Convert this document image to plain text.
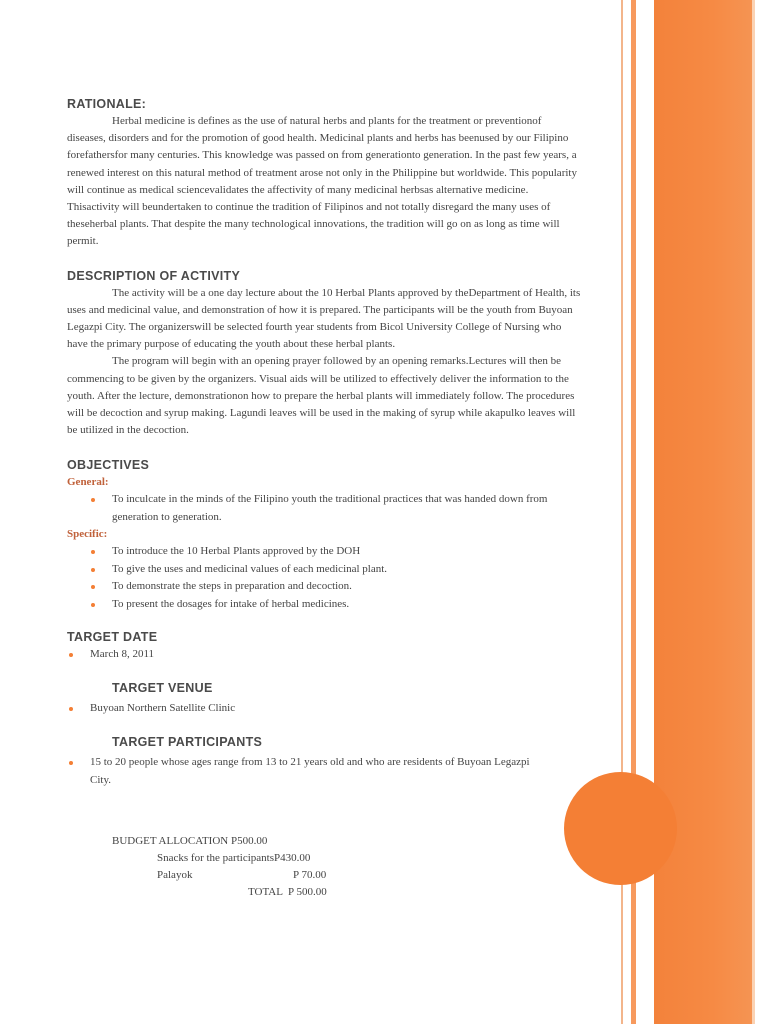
RATIONALE:

Herbal medicine is defines as the use of natural herbs and plants for the treatment or preventionof diseases, disorders and for the promotion of good health. Medicinal plants and herbs has beenused by our Filipino forefathersfor many centuries. This knowledge was passed on from generationto generation. In the past few years, a renewed interest on this natural method of treatment arose not only in the Philippine but worldwide. This popularity will continue as medical sciencevalidates the affectivity of many medicinal herbsas alternative medicine. Thisactivity will beundertaken to continue the tradition of Filipinos and not totally disregard the many uses of theseherbal plants. That despite the many technological innovations, the tradition will go on as long as time will permit.

DESCRIPTION OF ACTIVITY

The activity will be a one day lecture about the 10 Herbal Plants approved by theDepartment of Health, its uses and medicinal value, and demonstration of how it is prepared. The participants will be the youth from Buyoan Legazpi City. The organizerswill be selected fourth year students from Bicol University College of Nursing who have the primary purpose of educating the youth about these herbal plants.

The program will begin with an opening prayer followed by an opening remarks.Lectures will then be commencing to be given by the organizers. Visual aids will be utilized to effectively deliver the information to the youth. After the lecture, demonstrationon how to prepare the herbal plants will immediately follow. The procedures will be decoction and syrup making. Lagundi leaves will be used in the making of syrup while akapulko leaves will be utilized in the decoction.

OBJECTIVES

General:

To inculcate in the minds of the Filipino youth the traditional practices that was handed down from generation to generation.

Specific:

To introduce the 10 Herbal Plants approved by the DOH
To give the uses and medicinal values of each medicinal plant.
To demonstrate the steps in preparation and decoction.
To present the dosages for intake of herbal medicines.
TARGET DATE
March 8, 2011
TARGET VENUE
Buyoan Northern Satellite Clinic
TARGET PARTICIPANTS
15 to 20 people whose ages range from 13 to 21 years old and who are residents of Buyoan Legazpi City.
BUDGET ALLOCATION P500.00
Snacks for the participantsP430.00
Palayok	P 70.00
TOTAL  P 500.00
